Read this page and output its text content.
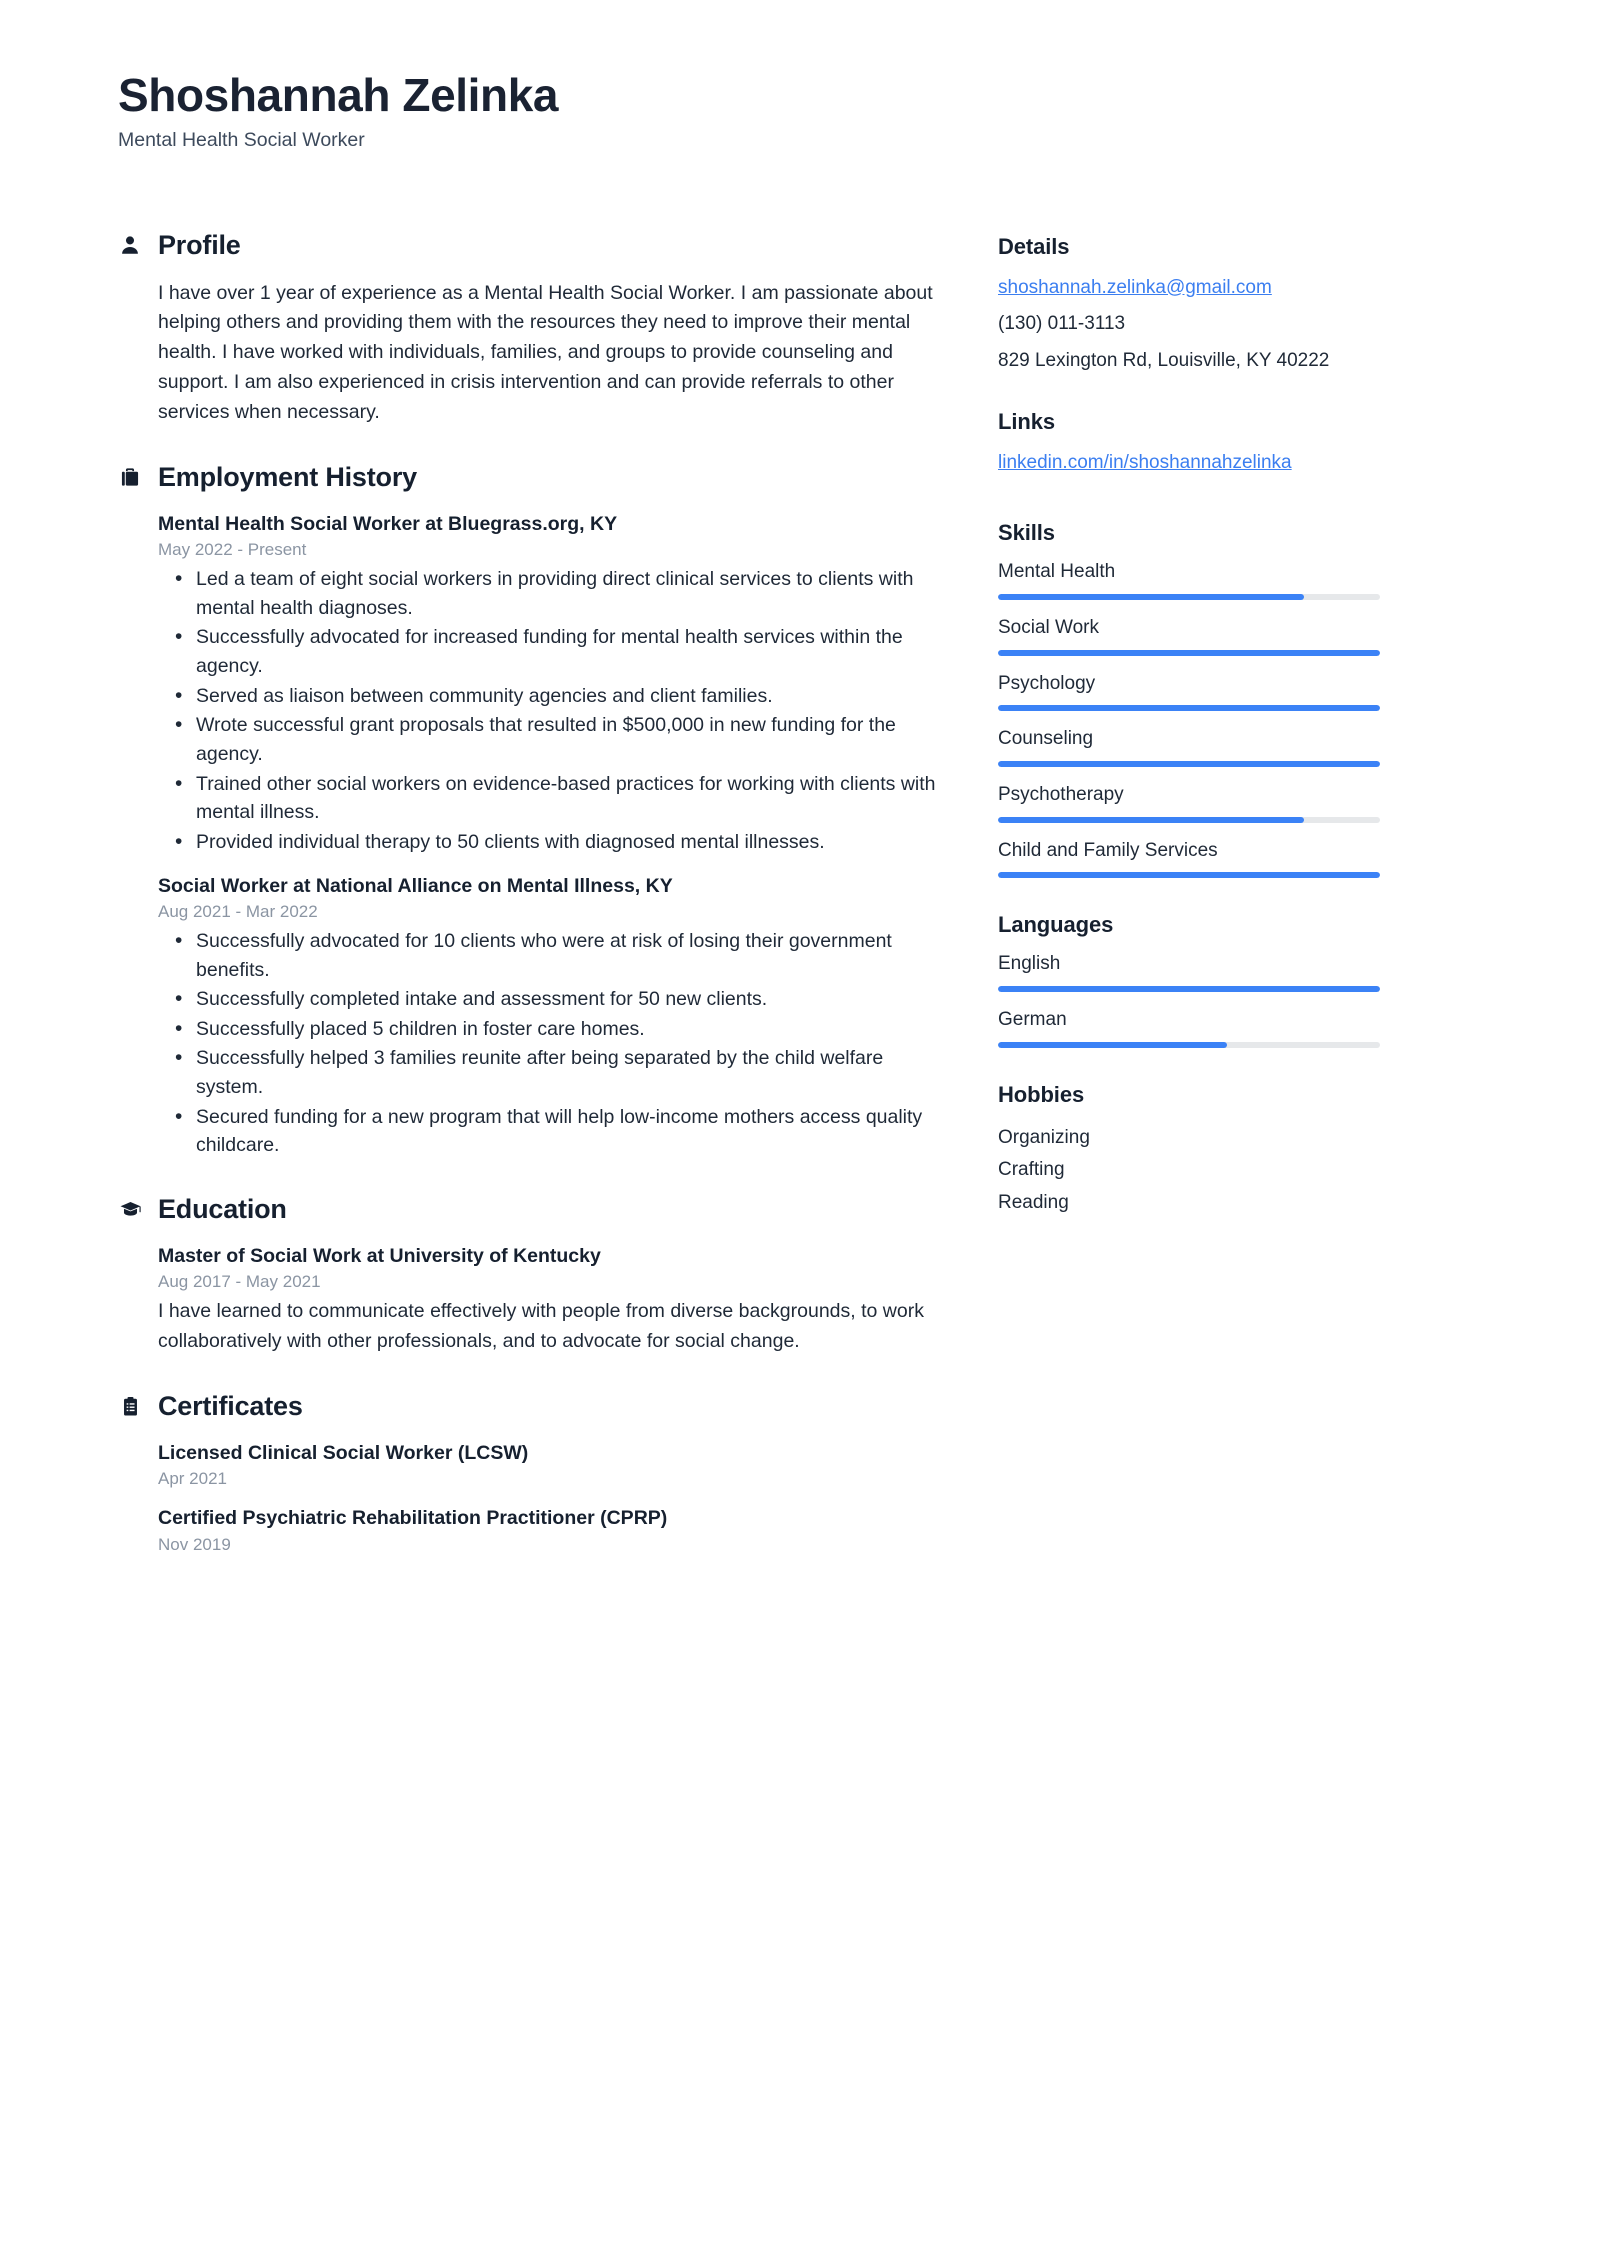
Shoshannah Zelinka
Mental Health Social Worker
Profile

I have over 1 year of experience as a Mental Health Social Worker. I am passionate about helping others and providing them with the resources they need to improve their mental health. I have worked with individuals, families, and groups to provide counseling and support. I am also experienced in crisis intervention and can provide referrals to other services when necessary.

Employment History
Mental Health Social Worker at Bluegrass.org, KY
May 2022 - Present
• Led a team of eight social workers in providing direct clinical services to clients with mental health diagnoses.
• Successfully advocated for increased funding for mental health services within the agency.
• Served as liaison between community agencies and client families.
• Wrote successful grant proposals that resulted in $500,000 in new funding for the agency.
• Trained other social workers on evidence-based practices for working with clients with mental illness.
• Provided individual therapy to 50 clients with diagnosed mental illnesses.
Social Worker at National Alliance on Mental Illness, KY
Aug 2021 - Mar 2022
• Successfully advocated for 10 clients who were at risk of losing their government benefits.
• Successfully completed intake and assessment for 50 new clients.
• Successfully placed 5 children in foster care homes.
• Successfully helped 3 families reunite after being separated by the child welfare system.
• Secured funding for a new program that will help low-income mothers access quality childcare.
Education
Master of Social Work at University of Kentucky
Aug 2017 - May 2021
I have learned to communicate effectively with people from diverse backgrounds, to work collaboratively with other professionals, and to advocate for social change.
Certificates
Licensed Clinical Social Worker (LCSW)
Apr 2021
Certified Psychiatric Rehabilitation Practitioner (CPRP)
Nov 2019
Details
shoshannah.zelinka@gmail.com
(130) 011-3113
829 Lexington Rd, Louisville, KY 40222
Links
linkedin.com/in/shoshannahzelinka
Skills
Mental Health
Social Work
Psychology
Counseling
Psychotherapy
Child and Family Services
Languages
English
German
Hobbies
Organizing
Crafting
Reading
